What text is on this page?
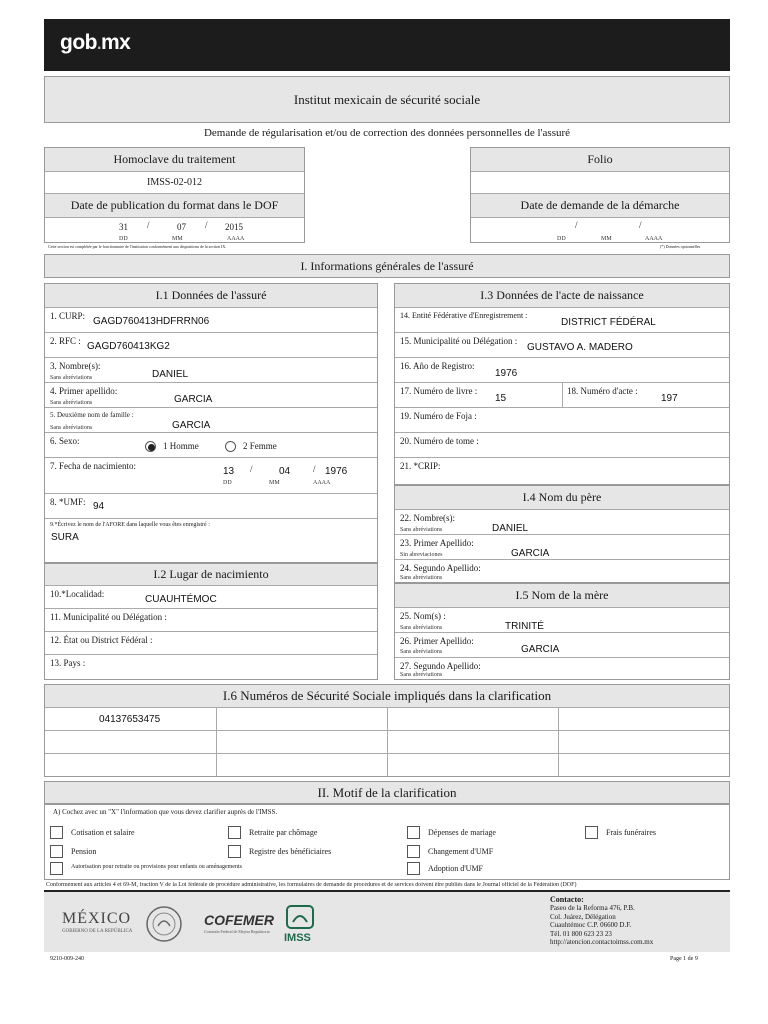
gob.mx
Institut mexicain de sécurité sociale
Demande de régularisation et/ou de correction des données personnelles de l'assuré
Homoclave du traitement
IMSS-02-012
Date de publication du format dans le DOF
31 /	07 / 2015
DD	MM	AAAA
Folio
Date de demande de la démarche
/	/
DD	MM	AAAA
Cette section est complétée par le fonctionnaire de l'institution conformément aux dispositions de la section IX.	(*) Données optionnelles
I. Informations générales de l'assuré
I.1 Données de l'assuré
1. CURP: GAGD760413HDFRRN06
2. RFC : GAGD760413KG2
3. Nombre(s):
Sans abréviations	DANIEL
4. Primer apellido:
Sans abréviations	GARCIA
5. Deuxième nom de famille :
Sans abréviations	GARCIA
6. Sexo:	1 Homme	2 Femme
7. Fecha de nacimiento:	13 /	04	/ 1976
DD	MM	AAAA
8. *UMF: 94
9.*Écrivez le nom de l'AFORE dans laquelle vous êtes enregistré :
SURA
I.2 Lugar de nacimiento
10.*Localidad:	CUAUHTÉMOC
11. Municipalité ou Délégation :
12. État ou District Fédéral :
13. Pays :
I.3 Données de l'acte de naissance
14. Entité Fédérative d'Enregistrement :
DISTRICT FÉDÉRAL
15. Municipalité ou Délégation :
GUSTAVO A. MADERO
16. Año de Registro:
1976
17. Numéro de livre :
15
18. Numéro d'acte :
197
19. Numéro de Foja :
20. Numéro de tome :
21. *CRIP:
I.4 Nom du père
22. Nombre(s):
Sans abréviations	DANIEL
23. Primer Apellido:
Sin abreviaciones	GARCIA
24. Segundo Apellido:
Sans abréviations
I.5 Nom de la mère
25. Nom(s) :
Sans abréviations	TRINITÉ
26. Primer Apellido:
Sans abréviations	GARCIA
27. Segundo Apellido:
Sans abréviations
I.6 Numéros de Sécurité Sociale impliqués dans la clarification
04137653475
II. Motif de la clarification
A) Cochez avec un "X" l'information que vous devez clarifier auprès de l'IMSS.
Cotisation et salaire	Retraite par chômage	Dépenses de mariage	Frais funéraires
Pension	Registre des bénéficiaires	Changement d'UMF
Autorisation pour retraite ou provisions pour enfants ou aménagements	Adoption d'UMF
Conformément aux articles 4 et 69-M, fraction V de la Loi fédérale de procédure administrative, les formulaires de demande de procédures et de services doivent être publiés dans le Journal officiel de la Fédération (DOF)
MÉXICO
GOBIERNO DE LA REPÚBLICA
COFEMER
Comisión Federal de Mejora Regulatoria
IMSS
Contacto:
Paseo de la Reforma 476, P.B.
Col. Juárez, Délégation
Cuauhtémoc C.P. 06600 D.F.
Tél. 01 800 623 23 23
http://atencion.contactoimss.com.mx
9210-009-240	Page 1 de 9
